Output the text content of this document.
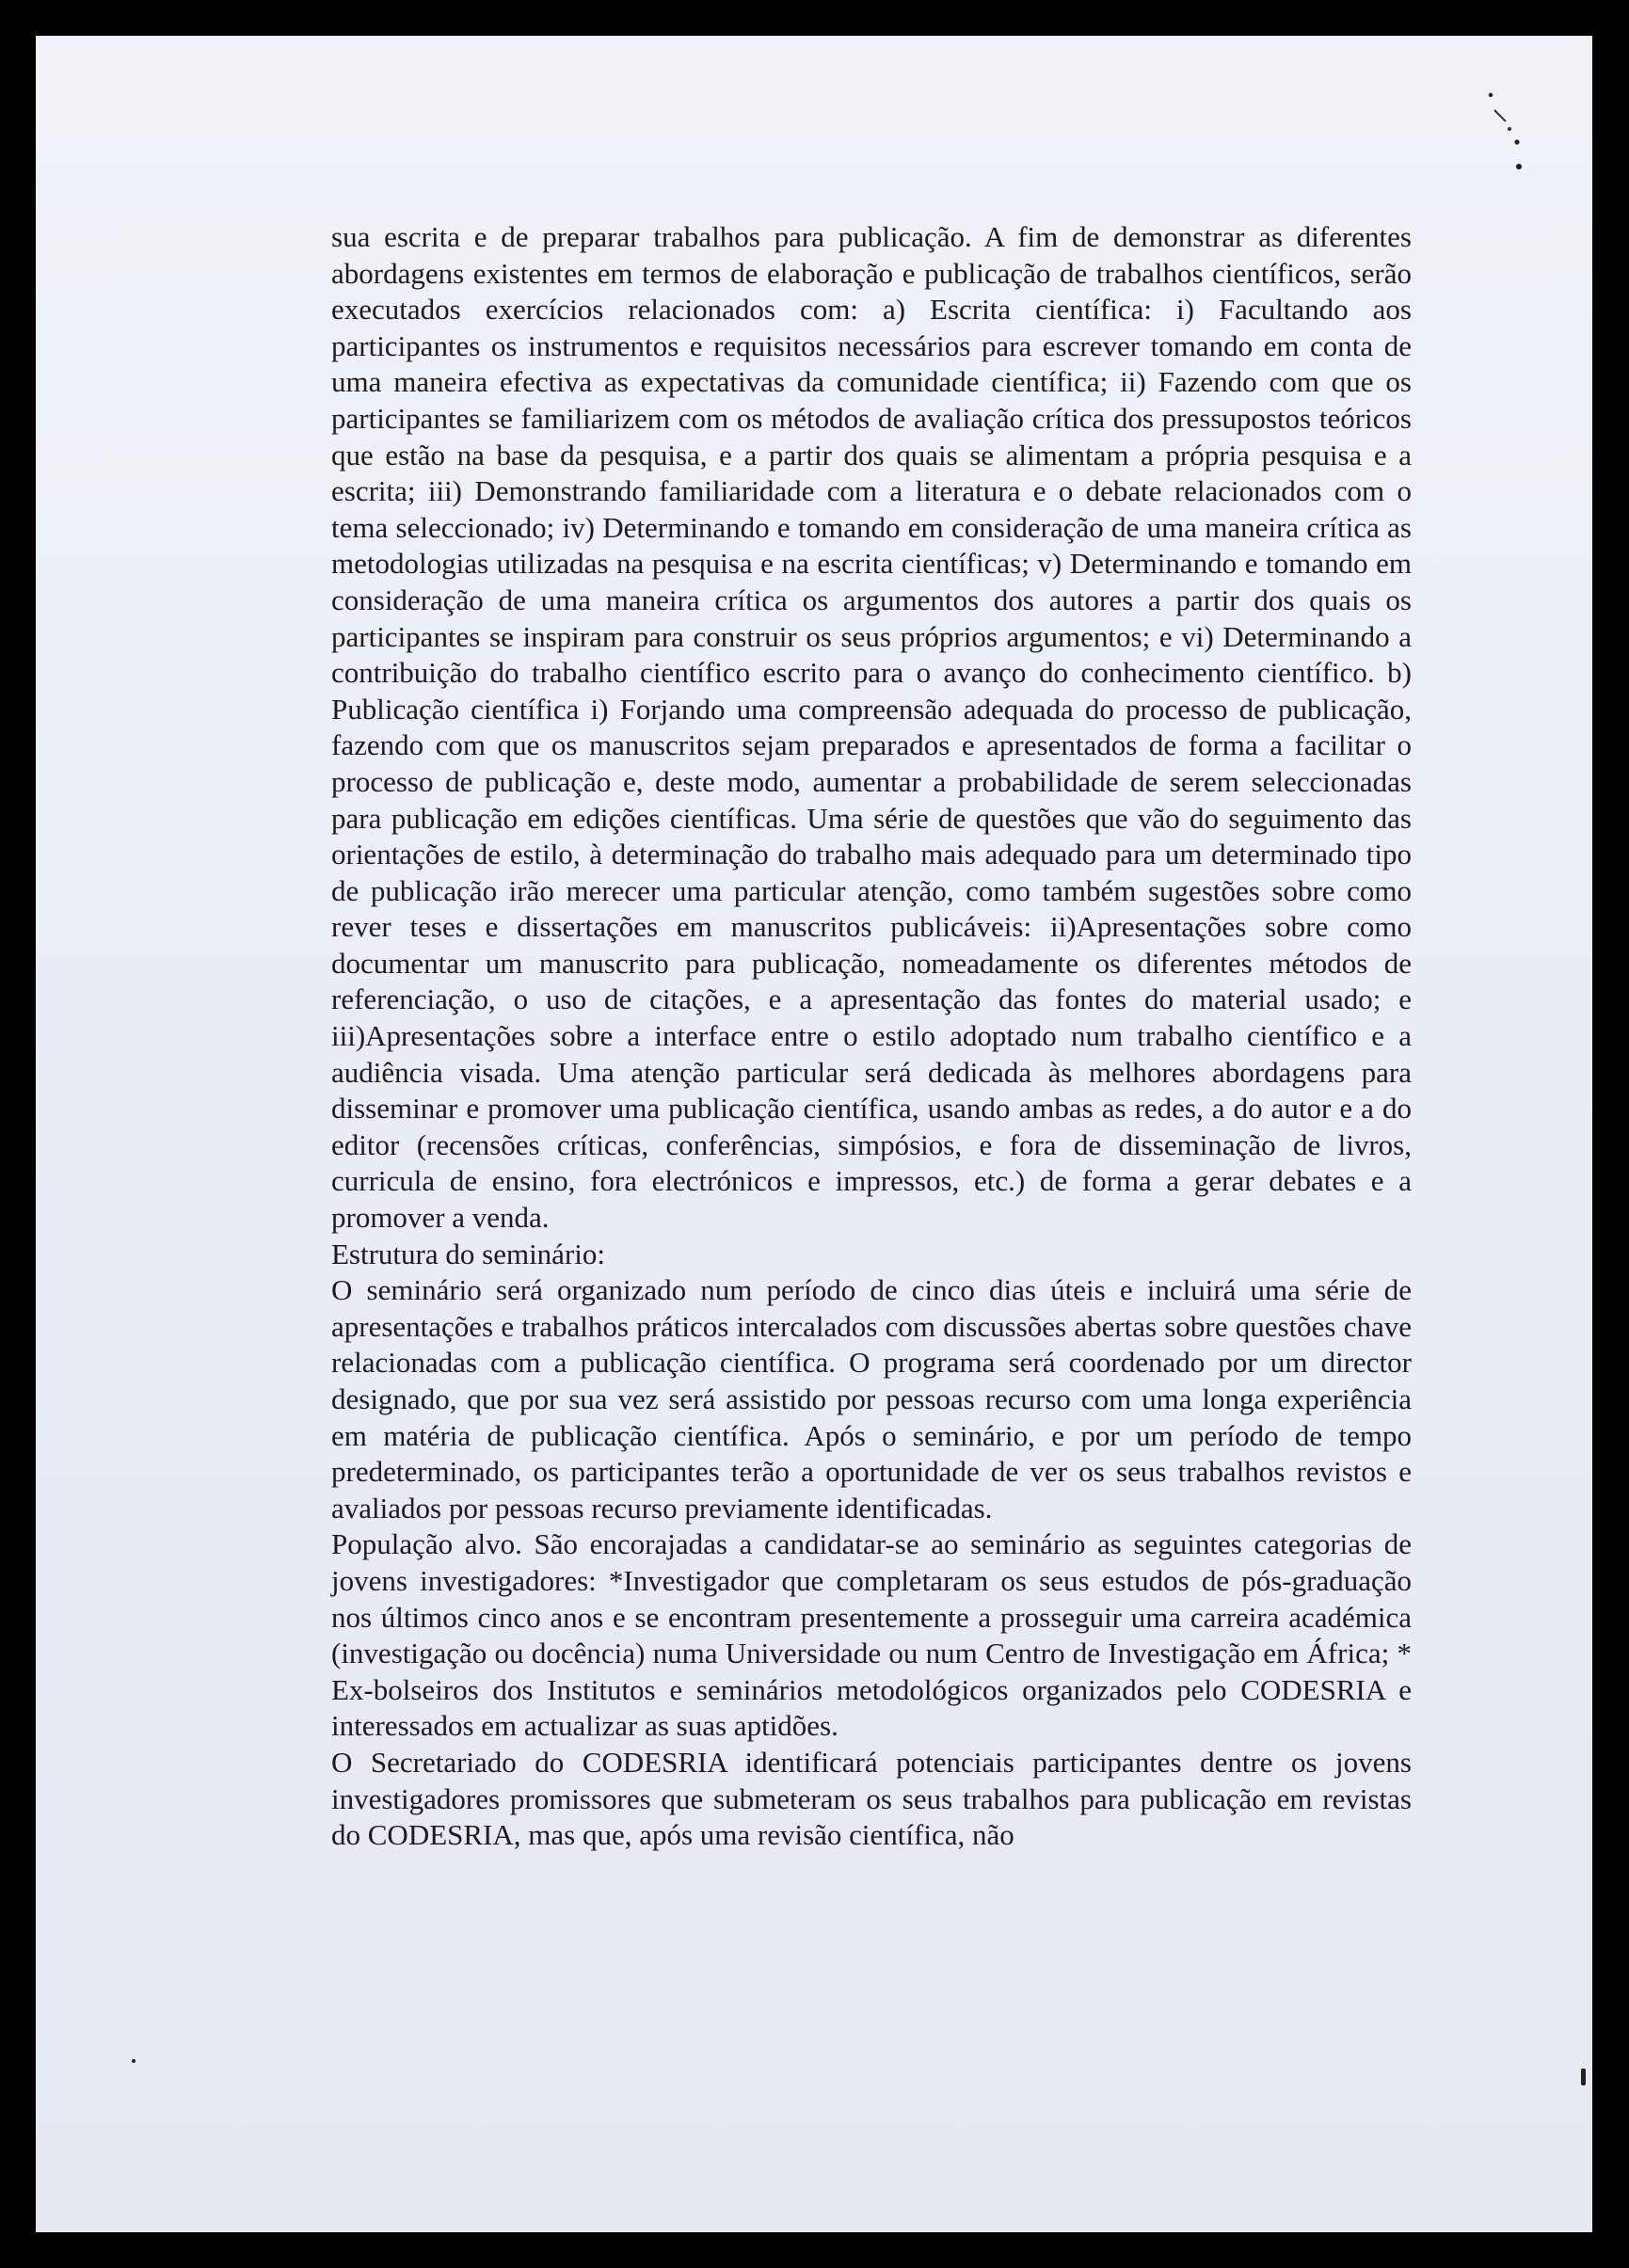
sua escrita e de preparar trabalhos para publicação. A fim de demonstrar as diferentes abordagens existentes em termos de elaboração e publicação de trabalhos científicos, serão executados exercícios relacionados com: a) Escrita científica: i) Facultando aos participantes os instrumentos e requisitos necessários para escrever tomando em conta de uma maneira efectiva as expectativas da comunidade científica; ii) Fazendo com que os participantes se familiarizem com os métodos de avaliação crítica dos pressupostos teóricos que estão na base da pesquisa, e a partir dos quais se alimentam a própria pesquisa e a escrita; iii) Demonstrando familiaridade com a literatura e o debate relacionados com o tema seleccionado; iv) Determinando e tomando em consideração de uma maneira crítica as metodologias utilizadas na pesquisa e na escrita científicas; v) Determinando e tomando em consideração de uma maneira crítica os argumentos dos autores a partir dos quais os participantes se inspiram para construir os seus próprios argumentos; e vi) Determinando a contribuição do trabalho científico escrito para o avanço do conhecimento científico. b) Publicação científica i) Forjando uma compreensão adequada do processo de publicação, fazendo com que os manuscritos sejam preparados e apresentados de forma a facilitar o processo de publicação e, deste modo, aumentar a probabilidade de serem seleccionadas para publicação em edições científicas. Uma série de questões que vão do seguimento das orientações de estilo, à determinação do trabalho mais adequado para um determinado tipo de publicação irão merecer uma particular atenção, como também sugestões sobre como rever teses e dissertações em manuscritos publicáveis: ii)Apresentações sobre como documentar um manuscrito para publicação, nomeadamente os diferentes métodos de referenciação, o uso de citações, e a apresentação das fontes do material usado; e iii)Apresentações sobre a interface entre o estilo adoptado num trabalho científico e a audiência visada. Uma atenção particular será dedicada às melhores abordagens para disseminar e promover uma publicação científica, usando ambas as redes, a do autor e a do editor (recensões críticas, conferências, simpósios, e fora de disseminação de livros, curricula de ensino, fora electrónicos e impressos, etc.) de forma a gerar debates e a promover a venda.

Estrutura do seminário:

O seminário será organizado num período de cinco dias úteis e incluirá uma série de apresentações e trabalhos práticos intercalados com discussões abertas sobre questões chave relacionadas com a publicação científica. O programa será coordenado por um director designado, que por sua vez será assistido por pessoas recurso com uma longa experiência em matéria de publicação científica. Após o seminário, e por um período de tempo predeterminado, os participantes terão a oportunidade de ver os seus trabalhos revistos e avaliados por pessoas recurso previamente identificadas.

População alvo. São encorajadas a candidatar-se ao seminário as seguintes categorias de jovens investigadores: *Investigador que completaram os seus estudos de pós-graduação nos últimos cinco anos e se encontram presentemente a prosseguir uma carreira académica (investigação ou docência) numa Universidade ou num Centro de Investigação em África; * Ex-bolseiros dos Institutos e seminários metodológicos organizados pelo CODESRIA e interessados em actualizar as suas aptidões.

O Secretariado do CODESRIA identificará potenciais participantes dentre os jovens investigadores promissores que submeteram os seus trabalhos para publicação em revistas do CODESRIA, mas que, após uma revisão científica, não
